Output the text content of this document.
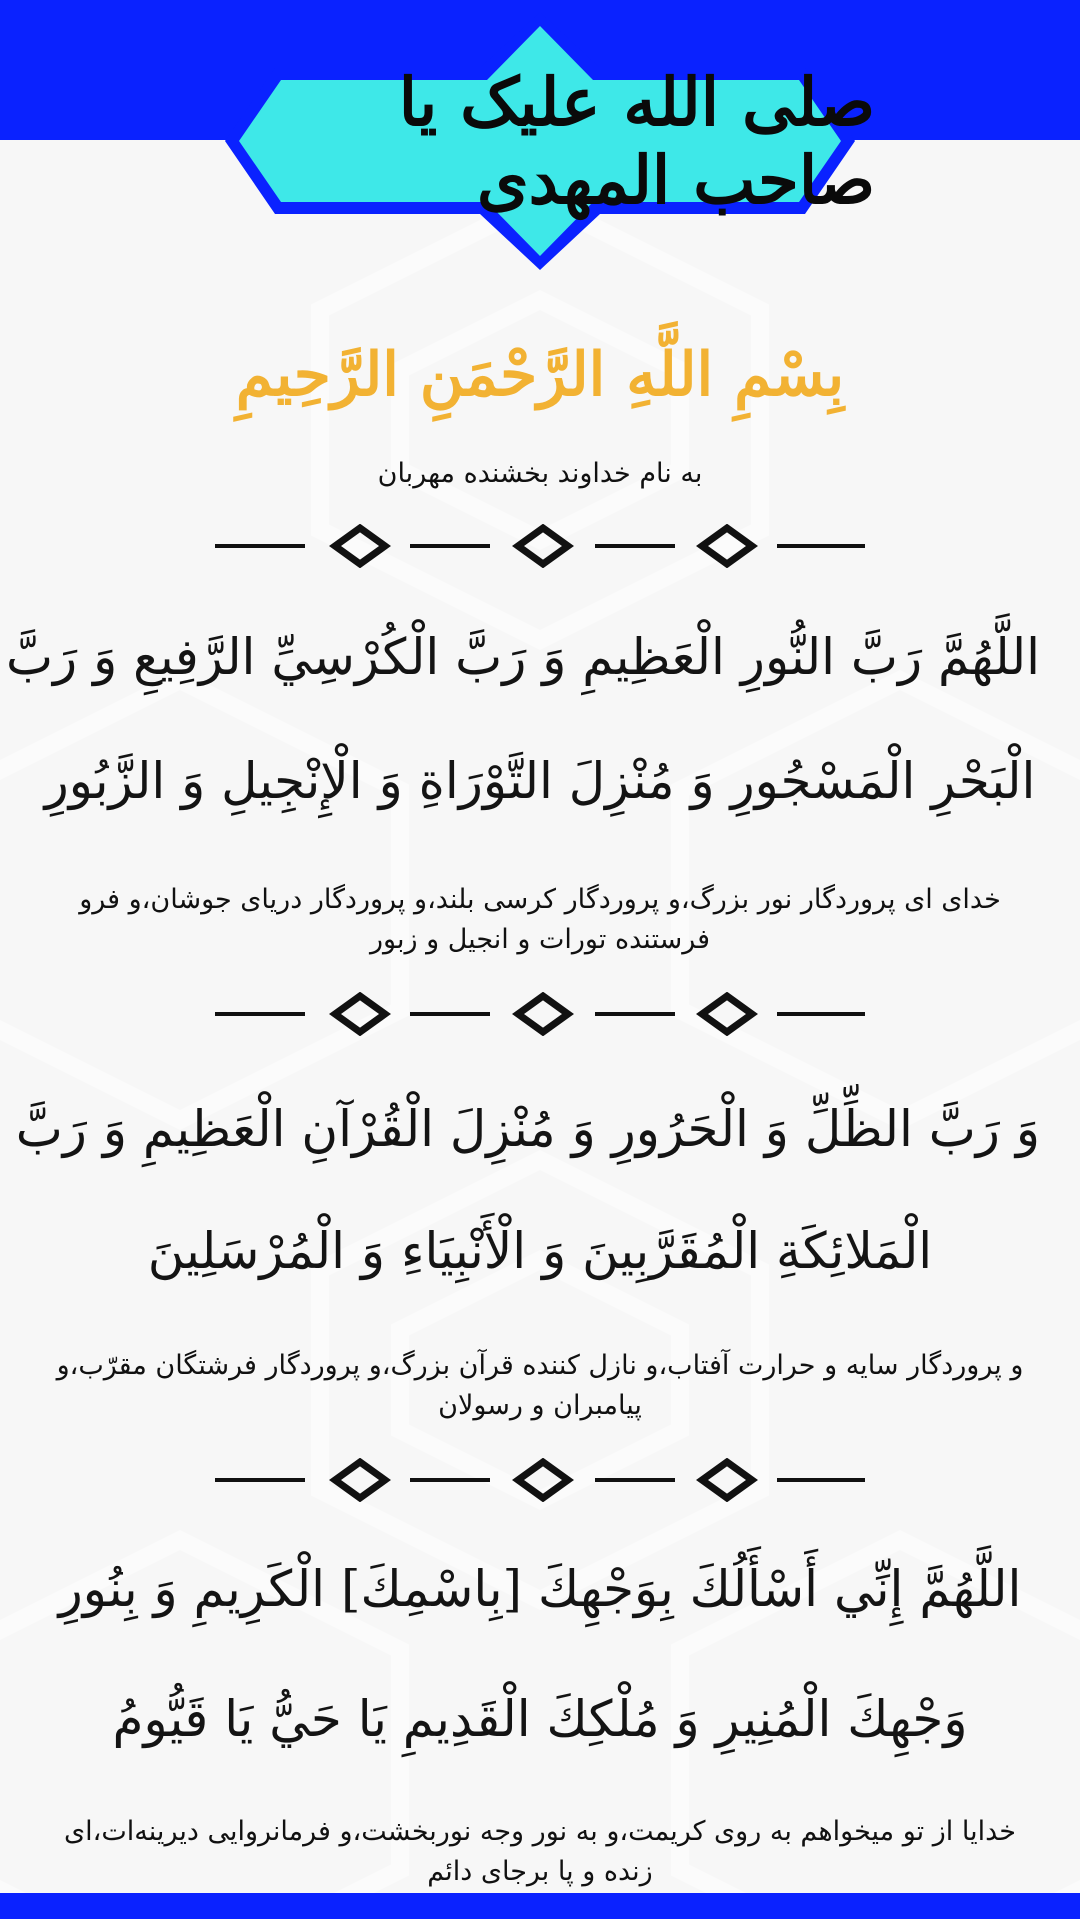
صلی الله علیک یا صاحب المهدی
بِسْمِ اللَّهِ الرَّحْمَنِ الرَّحِيمِ
به نام خداوند بخشنده مهربان
اللَّهُمَّ رَبَّ النُّورِ الْعَظِيمِ وَ رَبَّ الْكُرْسِيِّ الرَّفِيعِ وَ رَبَّ
الْبَحْرِ الْمَسْجُورِ وَ مُنْزِلَ التَّوْرَاةِ وَ الْإِنْجِيلِ وَ الزَّبُورِ
خدای ای پروردگار نور بزرگ،و پروردگار کرسی بلند،و پروردگار دریای جوشان،و فرو فرستنده تورات و انجیل و زبور
وَ رَبَّ الظِّلِّ وَ الْحَرُورِ وَ مُنْزِلَ الْقُرْآنِ الْعَظِيمِ وَ رَبَّ
الْمَلائِكَةِ الْمُقَرَّبِينَ وَ الْأَنْبِيَاءِ وَ الْمُرْسَلِينَ
و پروردگار سایه و حرارت آفتاب،و نازل کننده قرآن بزرگ،و پروردگار فرشتگان مقرّب،و پیامبران و رسولان
اللَّهُمَّ إِنِّي أَسْأَلُكَ بِوَجْهِكَ [بِاسْمِكَ] الْكَرِيمِ وَ بِنُورِ
وَجْهِكَ الْمُنِيرِ وَ مُلْكِكَ الْقَدِيمِ يَا حَيُّ يَا قَيُّومُ
خدایا از تو میخواهم به روی کریمت،و به نور وجه نوربخشت،و فرمانروایی دیرینه‌ات،ای زنده و پا برجای دائم
